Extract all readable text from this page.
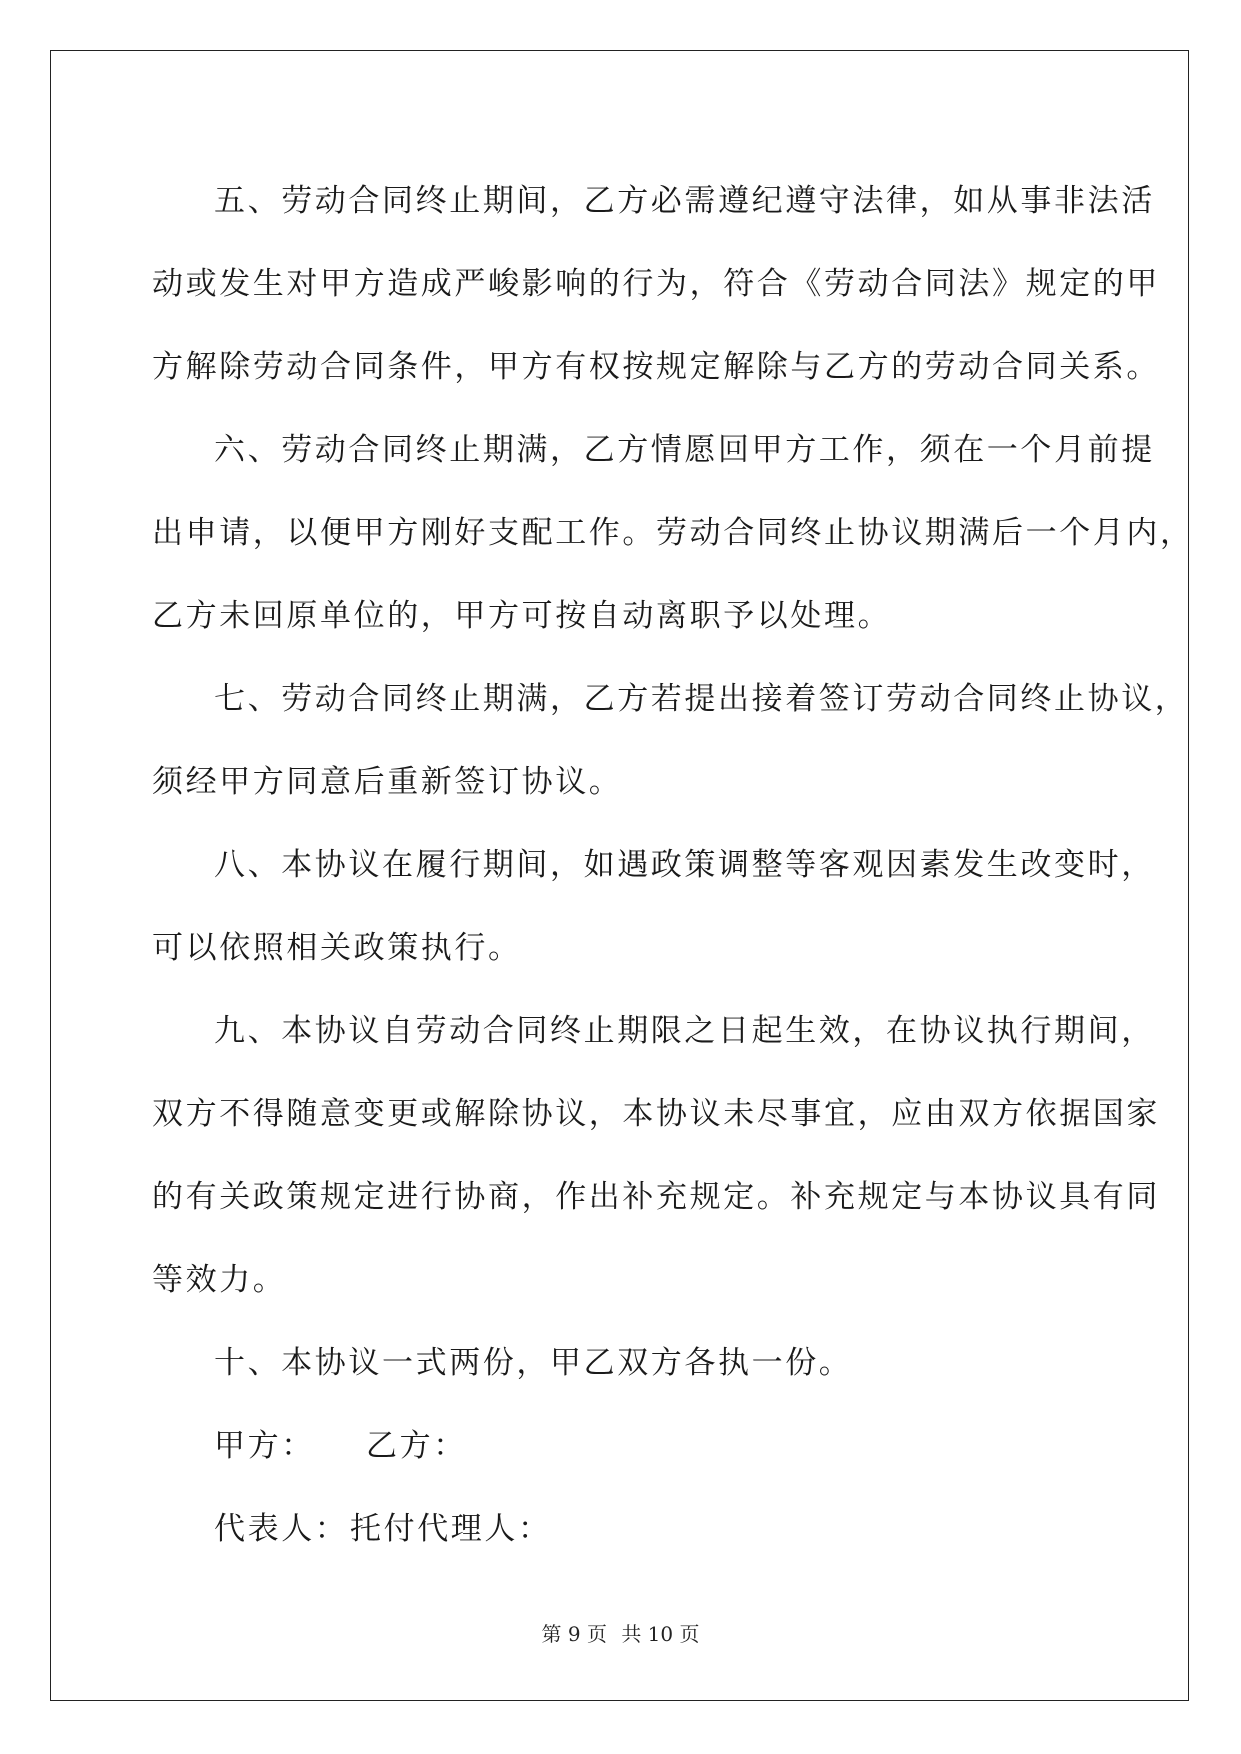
五、劳动合同终止期间，乙方必需遵纪遵守法律，如从事非法活
动或发生对甲方造成严峻影响的行为，符合《劳动合同法》规定的甲
方解除劳动合同条件，甲方有权按规定解除与乙方的劳动合同关系。
六、劳动合同终止期满，乙方情愿回甲方工作，须在一个月前提
出申请，以便甲方刚好支配工作。劳动合同终止协议期满后一个月内，
乙方未回原单位的，甲方可按自动离职予以处理。
七、劳动合同终止期满，乙方若提出接着签订劳动合同终止协议，
须经甲方同意后重新签订协议。
八、本协议在履行期间，如遇政策调整等客观因素发生改变时，
可以依照相关政策执行。
九、本协议自劳动合同终止期限之日起生效，在协议执行期间，
双方不得随意变更或解除协议，本协议未尽事宜，应由双方依据国家
的有关政策规定进行协商，作出补充规定。补充规定与本协议具有同
等效力。
十、本协议一式两份，甲乙双方各执一份。
甲方： 乙方：
代表人：托付代理人：
第 9 页 共 10 页
